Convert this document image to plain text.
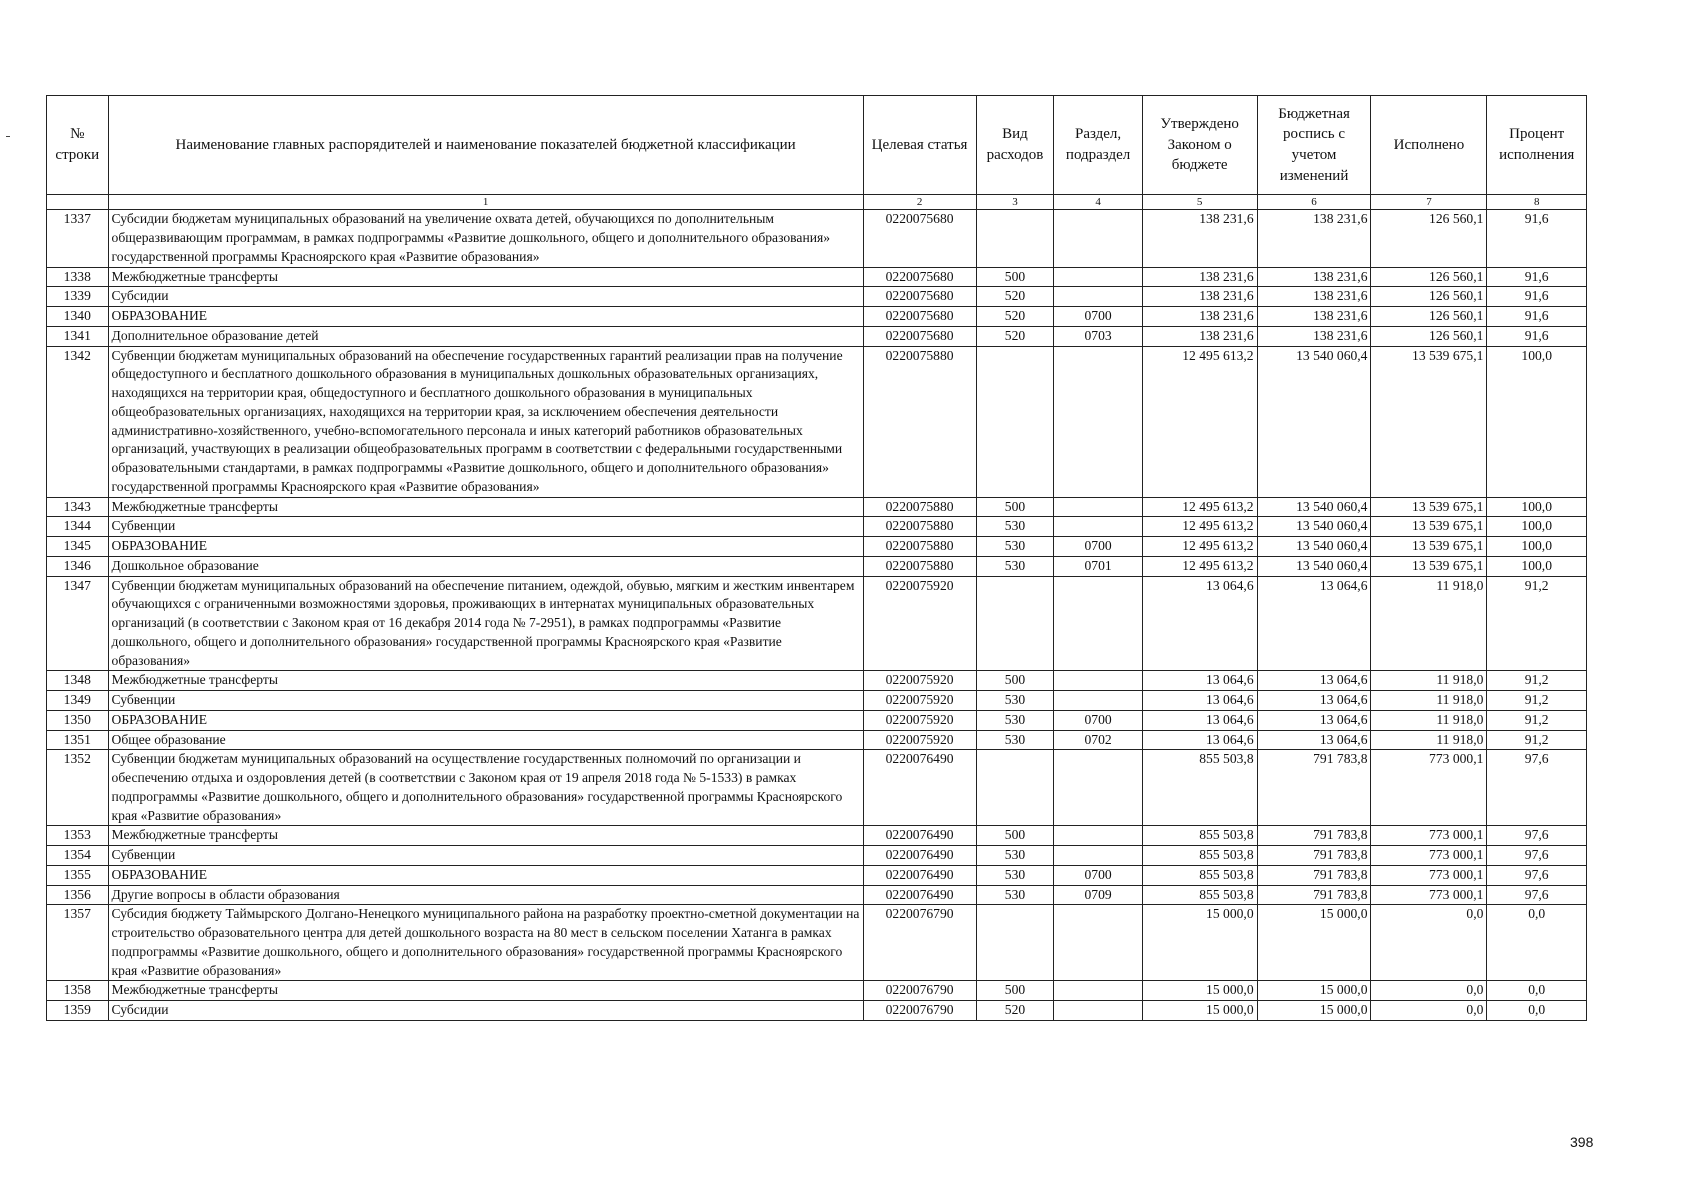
№ строки	Наименование главных распорядителей и наименование показателей бюджетной классификации	Целевая статья	Вид расходов	Раздел, подраздел	Утверждено Законом о бюджете	Бюджетная роспись с учетом изменений	Исполнено	Процент исполнения
	1	2	3	4	5	6	7	8
1337	Субсидии бюджетам муниципальных образований на увеличение охвата детей, обучающихся по дополнительным общеразвивающим программам, в рамках подпрограммы «Развитие дошкольного, общего и дополнительного образования» государственной программы Красноярского края «Развитие образования»	0220075680			138 231,6	138 231,6	126 560,1	91,6
1338	Межбюджетные трансферты	0220075680	500		138 231,6	138 231,6	126 560,1	91,6
1339	Субсидии	0220075680	520		138 231,6	138 231,6	126 560,1	91,6
1340	ОБРАЗОВАНИЕ	0220075680	520	0700	138 231,6	138 231,6	126 560,1	91,6
1341	Дополнительное образование детей	0220075680	520	0703	138 231,6	138 231,6	126 560,1	91,6
1342	Субвенции бюджетам муниципальных образований на обеспечение государственных гарантий реализации прав на получение общедоступного и бесплатного дошкольного образования в муниципальных дошкольных образовательных организациях, находящихся на территории края, общедоступного и бесплатного дошкольного образования в муниципальных общеобразовательных организациях, находящихся на территории края, за исключением обеспечения деятельности административно-хозяйственного, учебно-вспомогательного персонала и иных категорий работников образовательных организаций, участвующих в реализации общеобразовательных программ в соответствии с федеральными государственными образовательными стандартами, в рамках подпрограммы «Развитие дошкольного, общего и дополнительного образования» государственной программы Красноярского края «Развитие образования»	0220075880			12 495 613,2	13 540 060,4	13 539 675,1	100,0
1343	Межбюджетные трансферты	0220075880	500		12 495 613,2	13 540 060,4	13 539 675,1	100,0
1344	Субвенции	0220075880	530		12 495 613,2	13 540 060,4	13 539 675,1	100,0
1345	ОБРАЗОВАНИЕ	0220075880	530	0700	12 495 613,2	13 540 060,4	13 539 675,1	100,0
1346	Дошкольное образование	0220075880	530	0701	12 495 613,2	13 540 060,4	13 539 675,1	100,0
1347	Субвенции бюджетам муниципальных образований на обеспечение питанием, одеждой, обувью, мягким и жестким инвентарем обучающихся с ограниченными возможностями здоровья, проживающих в интернатах муниципальных образовательных организаций (в соответствии с Законом края от 16 декабря 2014 года № 7-2951), в рамках подпрограммы «Развитие дошкольного, общего и дополнительного образования» государственной программы Красноярского края «Развитие образования»	0220075920			13 064,6	13 064,6	11 918,0	91,2
1348	Межбюджетные трансферты	0220075920	500		13 064,6	13 064,6	11 918,0	91,2
1349	Субвенции	0220075920	530		13 064,6	13 064,6	11 918,0	91,2
1350	ОБРАЗОВАНИЕ	0220075920	530	0700	13 064,6	13 064,6	11 918,0	91,2
1351	Общее образование	0220075920	530	0702	13 064,6	13 064,6	11 918,0	91,2
1352	Субвенции бюджетам муниципальных образований на осуществление государственных полномочий по организации и обеспечению отдыха и оздоровления детей (в соответствии с Законом края от 19 апреля 2018 года № 5-1533) в рамках подпрограммы «Развитие дошкольного, общего и дополнительного образования» государственной программы Красноярского края «Развитие образования»	0220076490			855 503,8	791 783,8	773 000,1	97,6
1353	Межбюджетные трансферты	0220076490	500		855 503,8	791 783,8	773 000,1	97,6
1354	Субвенции	0220076490	530		855 503,8	791 783,8	773 000,1	97,6
1355	ОБРАЗОВАНИЕ	0220076490	530	0700	855 503,8	791 783,8	773 000,1	97,6
1356	Другие вопросы в области образования	0220076490	530	0709	855 503,8	791 783,8	773 000,1	97,6
1357	Субсидия бюджету Таймырского Долгано-Ненецкого муниципального района на разработку проектно-сметной документации на строительство образовательного центра для детей дошкольного возраста на 80 мест в сельском поселении Хатанга в рамках подпрограммы «Развитие дошкольного, общего и дополнительного образования» государственной программы Красноярского края «Развитие образования»	0220076790			15 000,0	15 000,0	0,0	0,0
1358	Межбюджетные трансферты	0220076790	500		15 000,0	15 000,0	0,0	0,0
1359	Субсидии	0220076790	520		15 000,0	15 000,0	0,0	0,0
398
